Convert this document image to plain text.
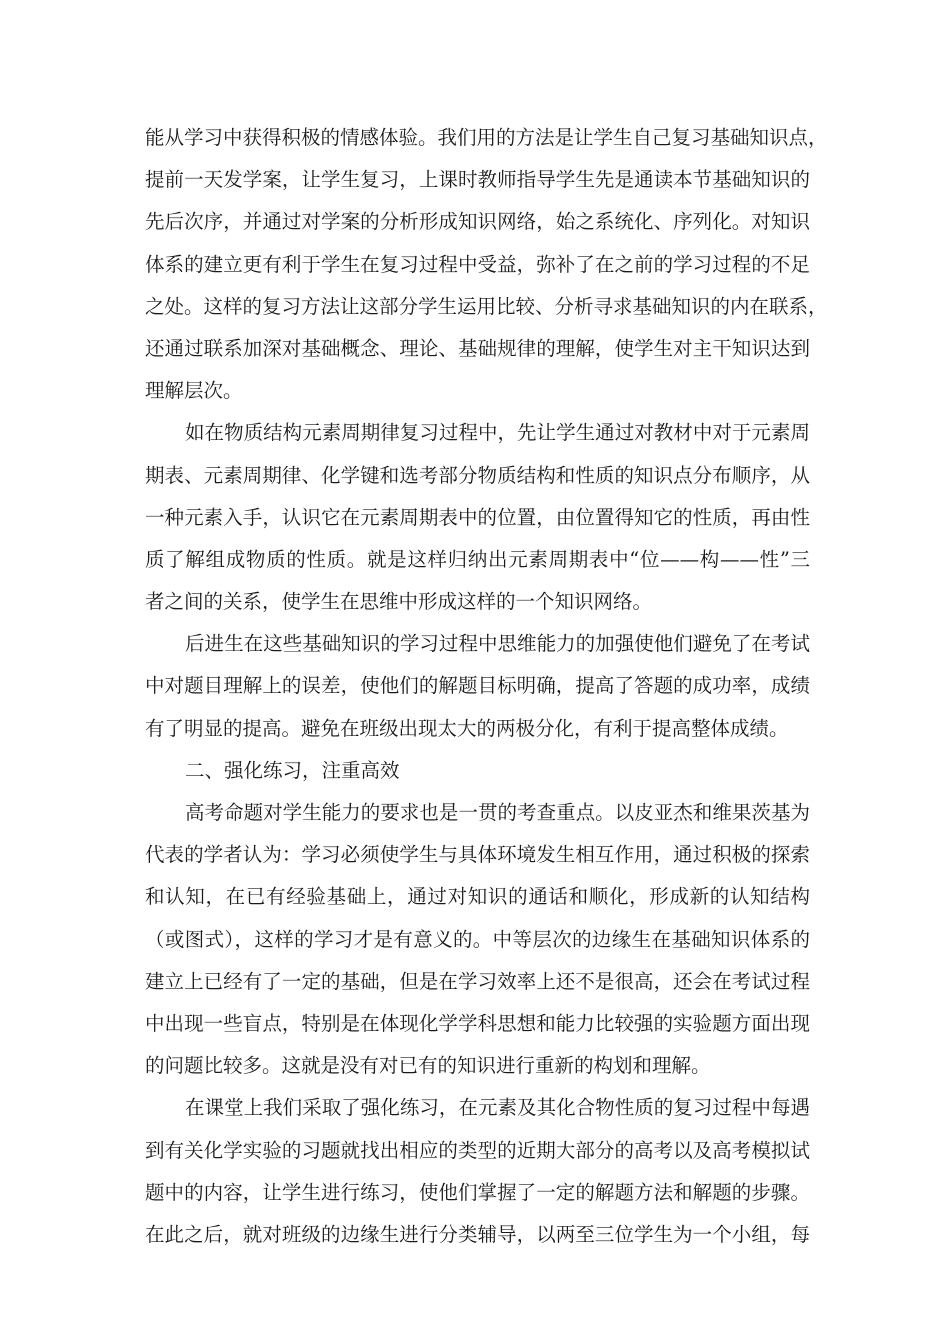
能从学习中获得积极的情感体验。我们用的方法是让学生自己复习基础知识点，
提前一天发学案，让学生复习，上课时教师指导学生先是通读本节基础知识的
先后次序，并通过对学案的分析形成知识网络，始之系统化、序列化。对知识
体系的建立更有利于学生在复习过程中受益，弥补了在之前的学习过程的不足
之处。这样的复习方法让这部分学生运用比较、分析寻求基础知识的内在联系，
还通过联系加深对基础概念、理论、基础规律的理解，使学生对主干知识达到
理解层次。
如在物质结构元素周期律复习过程中，先让学生通过对教材中对于元素周
期表、元素周期律、化学键和选考部分物质结构和性质的知识点分布顺序，从
一种元素入手，认识它在元素周期表中的位置，由位置得知它的性质，再由性
质了解组成物质的性质。就是这样归纳出元素周期表中“位——构——性”三
者之间的关系，使学生在思维中形成这样的一个知识网络。
后进生在这些基础知识的学习过程中思维能力的加强使他们避免了在考试
中对题目理解上的误差，使他们的解题目标明确，提高了答题的成功率，成绩
有了明显的提高。避免在班级出现太大的两极分化，有利于提高整体成绩。
二、强化练习，注重高效
高考命题对学生能力的要求也是一贯的考查重点。以皮亚杰和维果茨基为
代表的学者认为：学习必须使学生与具体环境发生相互作用，通过积极的探索
和认知，在已有经验基础上，通过对知识的通话和顺化，形成新的认知结构
（或图式），这样的学习才是有意义的。中等层次的边缘生在基础知识体系的
建立上已经有了一定的基础，但是在学习效率上还不是很高，还会在考试过程
中出现一些盲点，特别是在体现化学学科思想和能力比较强的实验题方面出现
的问题比较多。这就是没有对已有的知识进行重新的构划和理解。
在课堂上我们采取了强化练习，在元素及其化合物性质的复习过程中每遇
到有关化学实验的习题就找出相应的类型的近期大部分的高考以及高考模拟试
题中的内容，让学生进行练习，使他们掌握了一定的解题方法和解题的步骤。
在此之后，就对班级的边缘生进行分类辅导，以两至三位学生为一个小组，每
